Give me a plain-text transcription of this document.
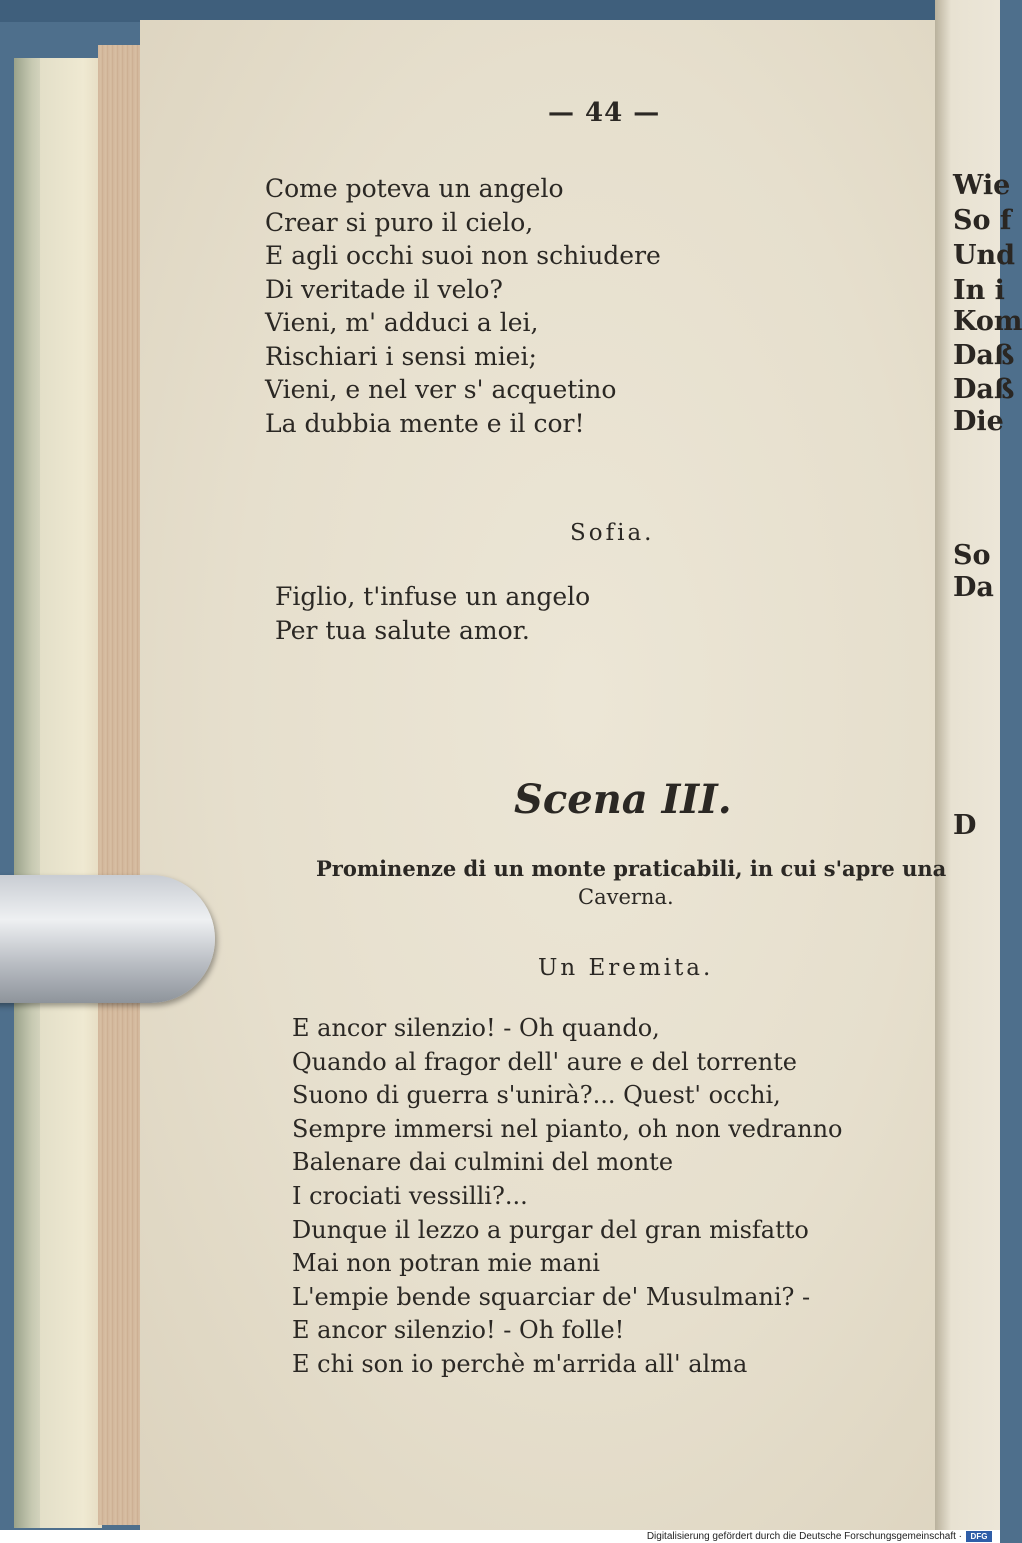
Wie
So f
Und
In i
Kom
Daß
Daß
Die
So
Da
D
— 44 —
Come poteva un angelo
Crear si puro il cielo,
E agli occhi suoi non schiudere
Di veritade il velo?
Vieni, m' adduci a lei,
Rischiari i sensi miei;
Vieni, e nel ver s' acquetino
La dubbia mente e il cor!
Sofia.
Figlio, t'infuse un angelo
Per tua salute amor.
Scena III.
Prominenze di un monte praticabili, in cui s'apre una
Caverna.
Un Eremita.
E ancor silenzio! - Oh quando,
Quando al fragor dell' aure e del torrente
Suono di guerra s'unirà?... Quest' occhi,
Sempre immersi nel pianto, oh non vedranno
Balenare dai culmini del monte
I crociati vessilli?...
Dunque il lezzo a purgar del gran misfatto
Mai non potran mie mani
L'empie bende squarciar de' Musulmani? -
E ancor silenzio! - Oh folle!
E chi son io perchè m'arrida all' alma
Digitalisierung gefördert durch die Deutsche Forschungsgemeinschaft ·	DFG
